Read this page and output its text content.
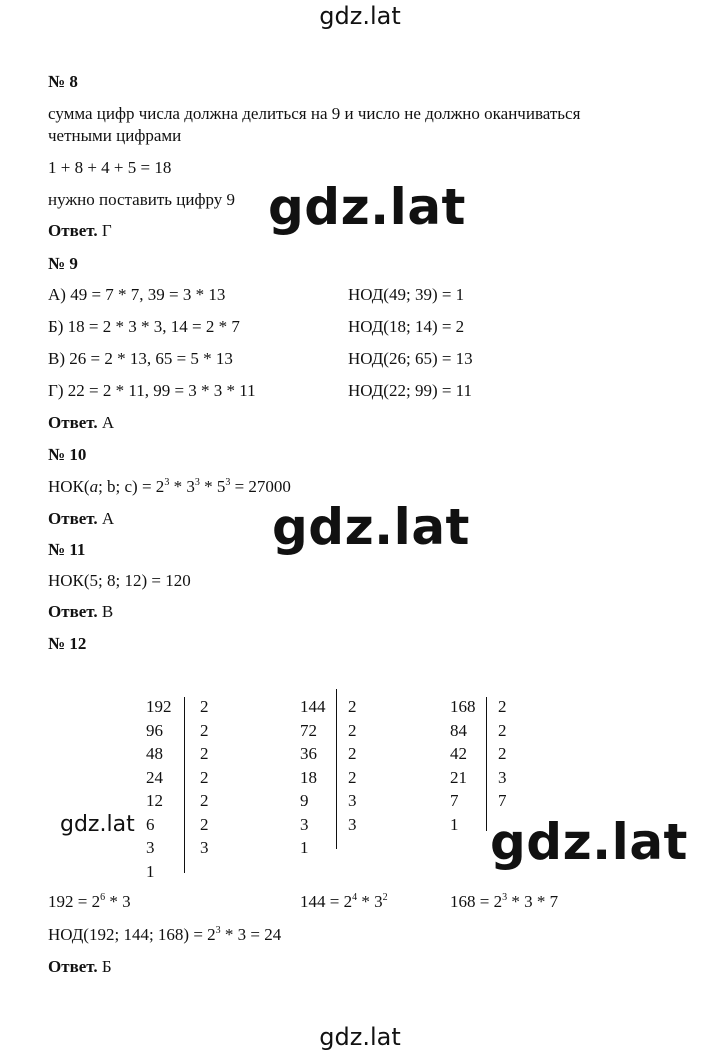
gdz.lat
gdz.lat
gdz.lat
gdz.lat	gdz.lat
gdz.lat
№ 8
сумма цифр числа должна делиться на 9 и число не должно оканчиваться
четными цифрами
1 + 8 + 4 + 5 = 18
нужно поставить цифру 9
Ответ. Г
№ 9
А) 49 = 7 * 7, 39 = 3 * 13	НОД(49; 39) = 1
Б) 18 = 2 * 3 * 3, 14 = 2 * 7	НОД(18; 14) = 2
В) 26 = 2 * 13, 65 = 5 * 13	НОД(26; 65) = 13
Г) 22 = 2 * 11, 99 = 3 * 3 * 11	НОД(22; 99) = 11
Ответ. А
№ 10
НОК(a; b; $c) = 2^3 * 3^3 * 5^3 = 27000$
Ответ. А
№ 11
НОК(5; 8; 12) = 120
Ответ. В
№ 12
192 2
96 2
48 2
24 2
12 2
6	2
3	3
1
144 2
72 2
36 2
18 2
9 3
3 3
1
168 2
84 2
42 2
21 3
7 7
1
$192 = 2^6 * 3$	$144 = 2^4 * 3^2$	$168 = 2^3 * 3 * 7$
НОД(192; 144; $168) = 2^3 * 3 = 24$
Ответ. Б
